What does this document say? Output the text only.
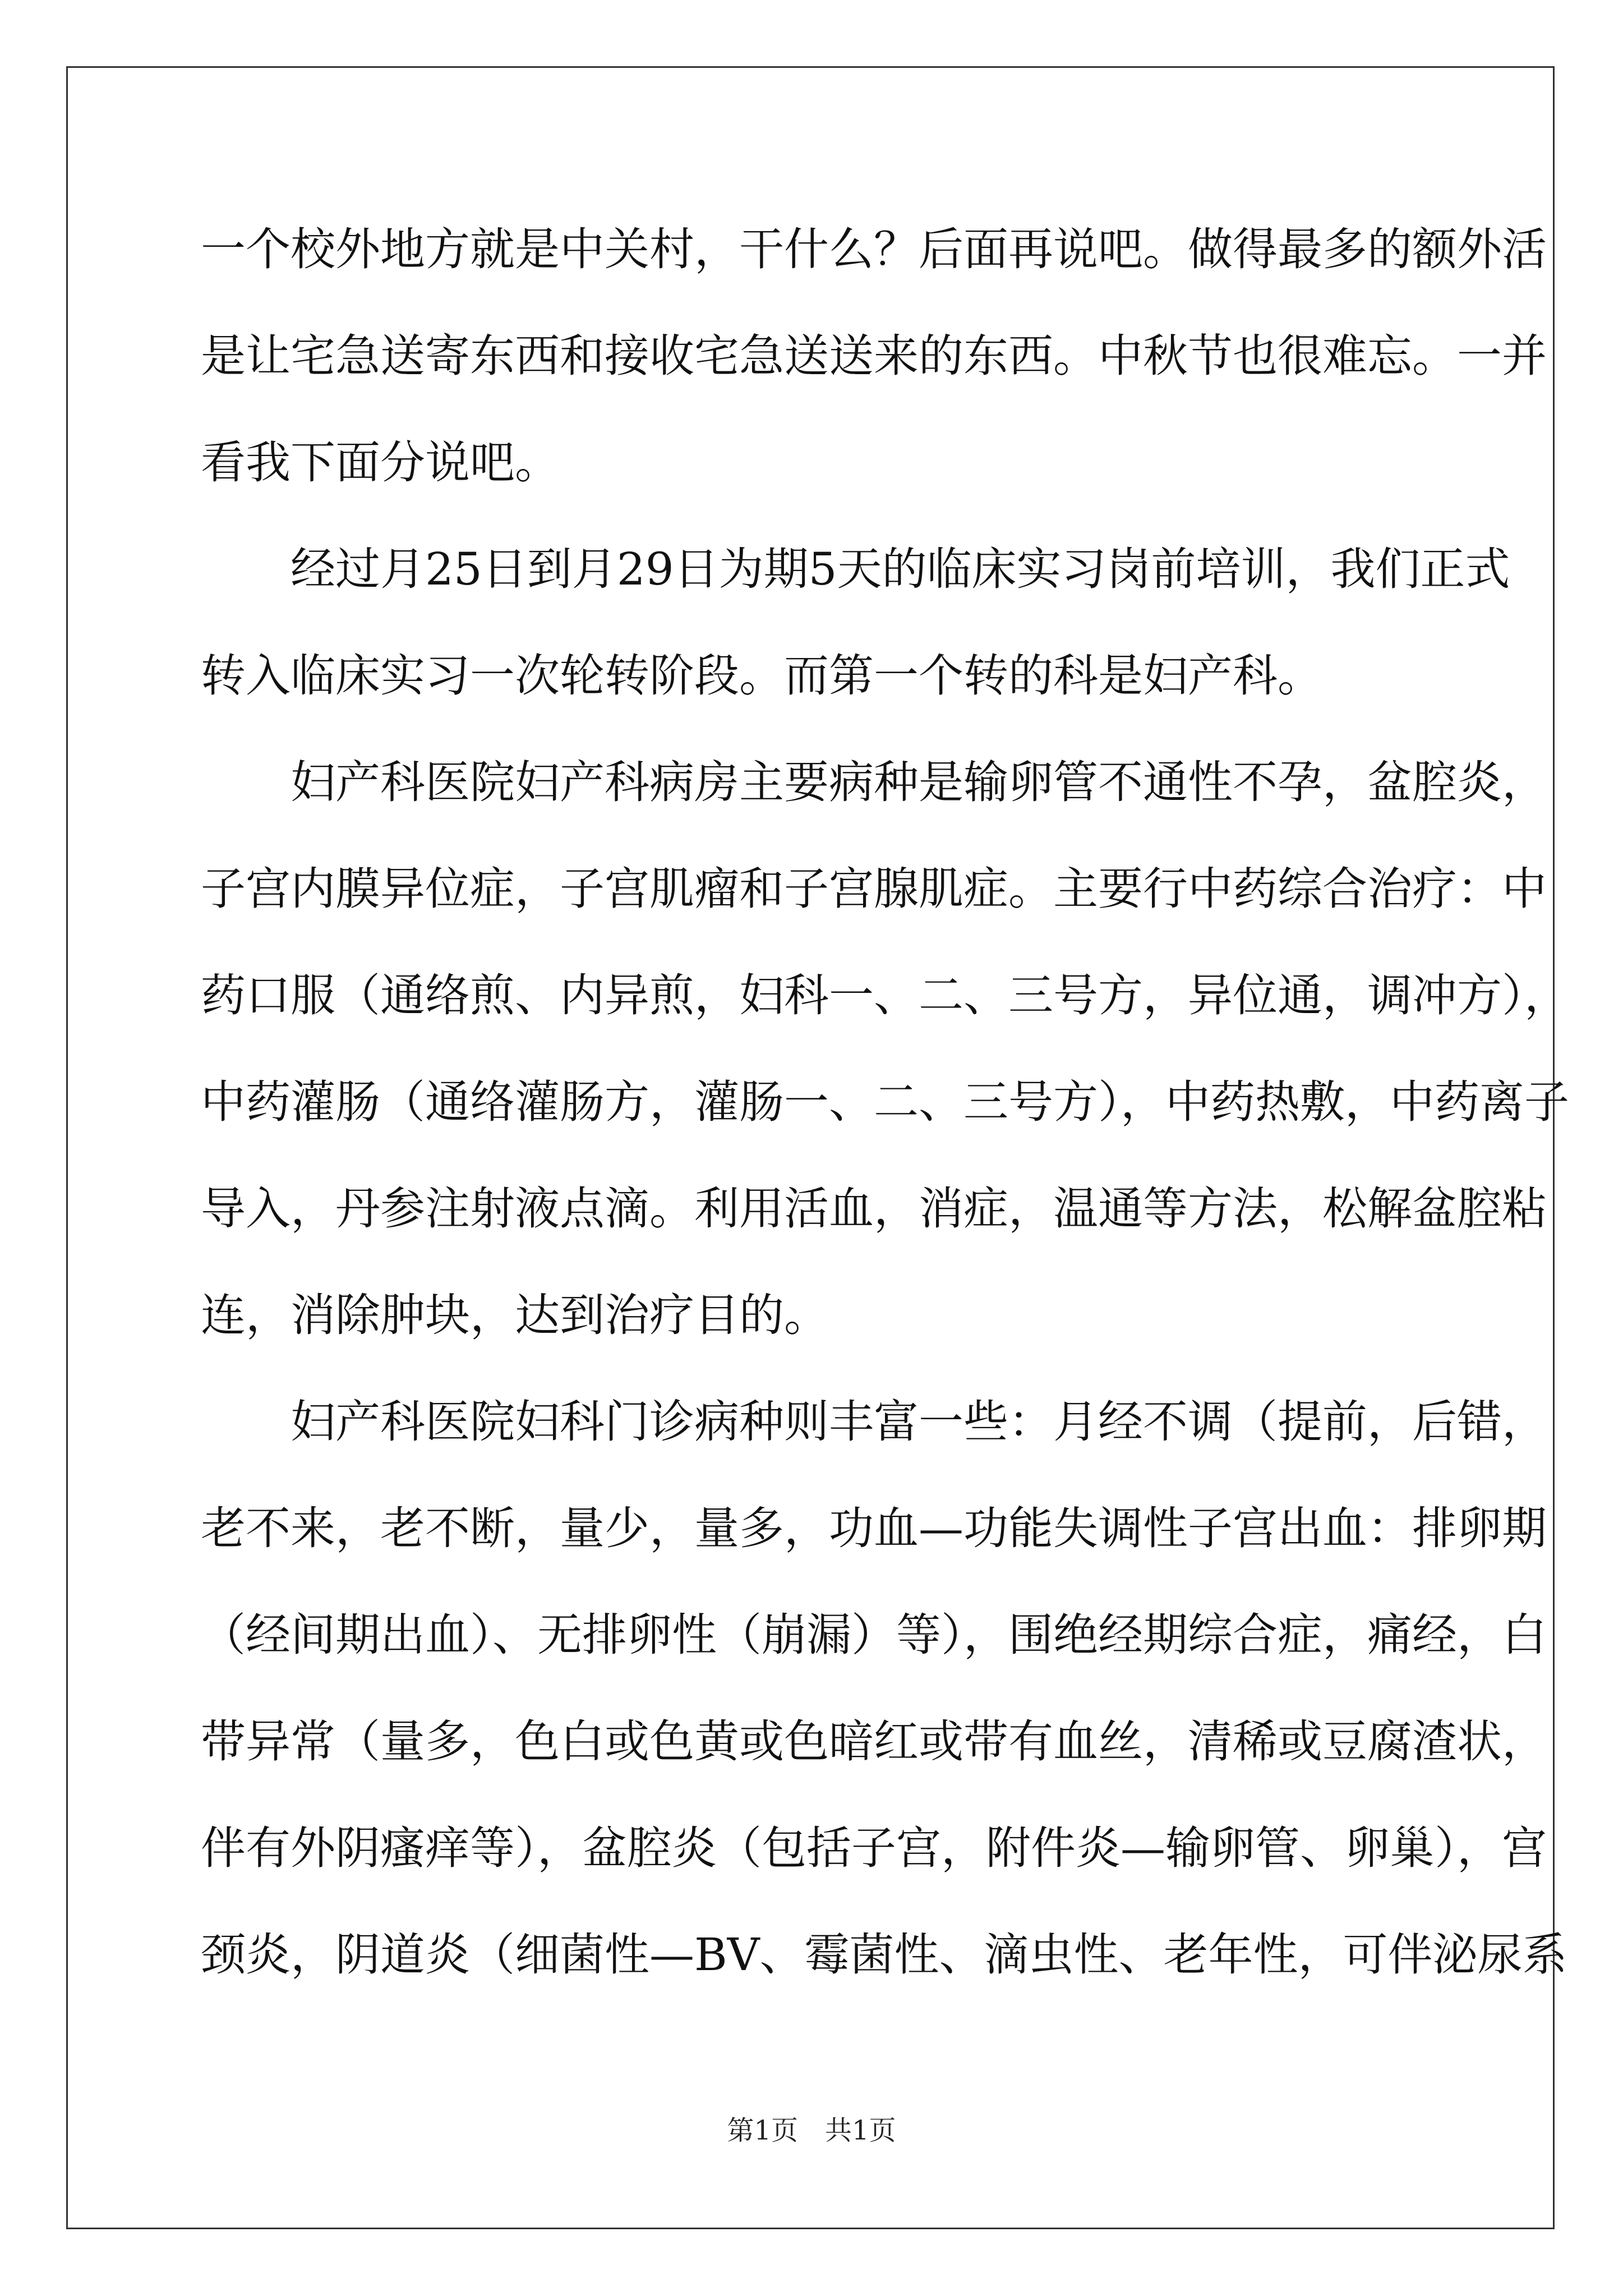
一个校外地方就是中关村，干什么？后面再说吧。做得最多的额外活
是让宅急送寄东西和接收宅急送送来的东西。中秋节也很难忘。一并
看我下面分说吧。
　　经过月25日到月29日为期5天的临床实习岗前培训，我们正式
转入临床实习一次轮转阶段。而第一个转的科是妇产科。
　　妇产科医院妇产科病房主要病种是输卵管不通性不孕，盆腔炎，
子宫内膜异位症，子宫肌瘤和子宫腺肌症。主要行中药综合治疗：中
药口服（通络煎、内异煎，妇科一、二、三号方，异位通，调冲方），
中药灌肠（通络灌肠方，灌肠一、二、三号方），中药热敷，中药离子
导入，丹参注射液点滴。利用活血，消症，温通等方法，松解盆腔粘
连，消除肿块，达到治疗目的。
　　妇产科医院妇科门诊病种则丰富一些：月经不调（提前，后错，
老不来，老不断，量少，量多，功血—功能失调性子宫出血：排卵期
（经间期出血）、无排卵性（崩漏）等），围绝经期综合症，痛经，白
带异常（量多，色白或色黄或色暗红或带有血丝，清稀或豆腐渣状，
伴有外阴瘙痒等），盆腔炎（包括子宫，附件炎—输卵管、卵巢），宫
颈炎，阴道炎（细菌性—BV、霉菌性、滴虫性、老年性，可伴泌尿系
第1页　共1页
